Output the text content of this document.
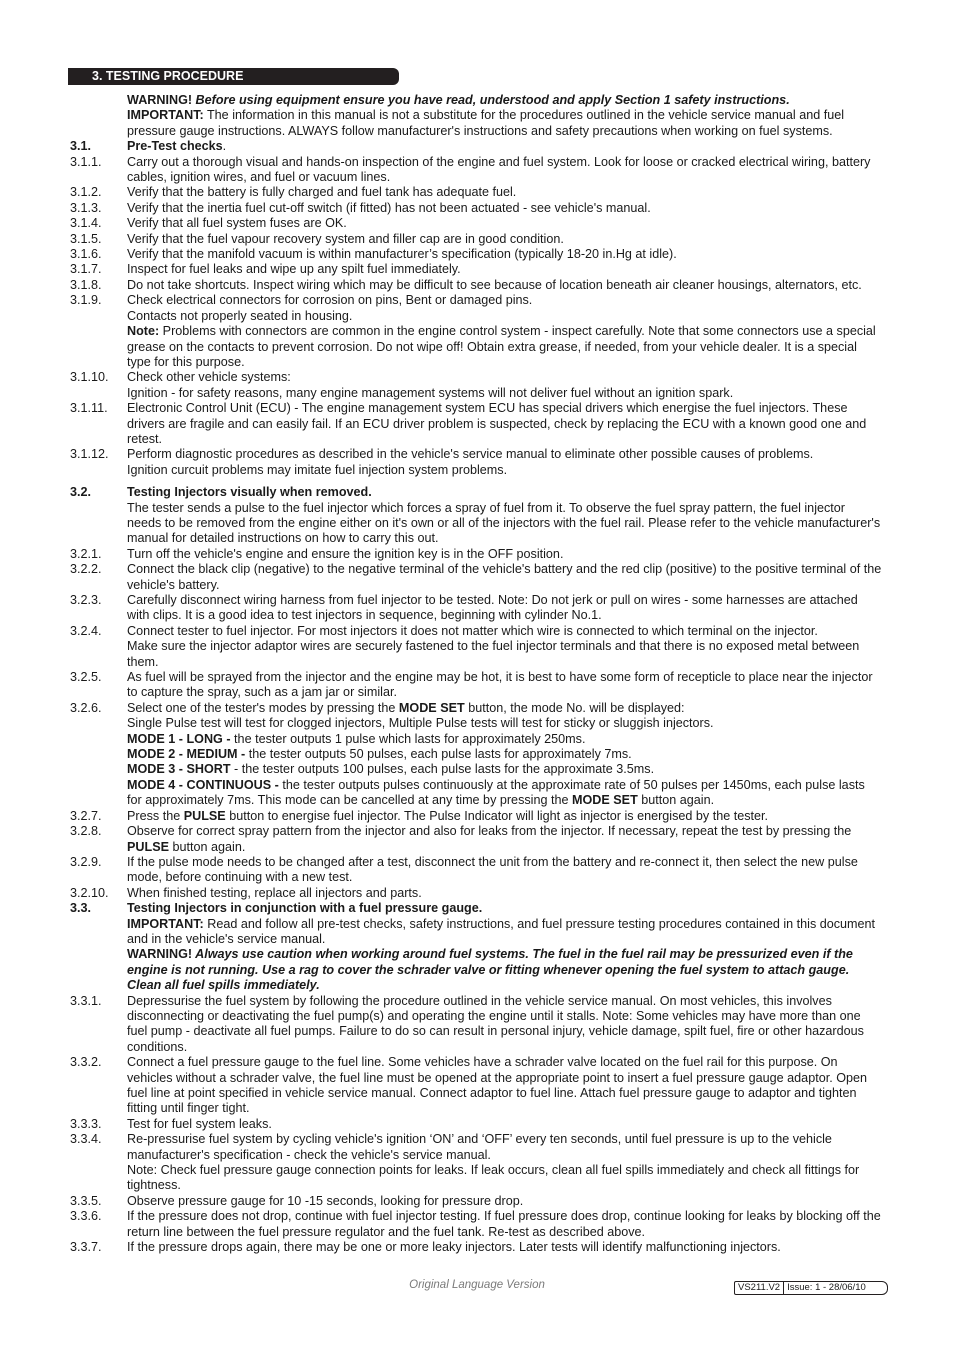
3. TESTING PROCEDURE
WARNING! Before using equipment ensure you have read, understood and apply Section 1 safety instructions.
IMPORTANT: The information in this manual is not a substitute for the procedures outlined in the vehicle service manual and fuel pressure gauge instructions. ALWAYS follow manufacturer's instructions and safety precautions when working on fuel systems.
3.1.	Pre-Test checks.
3.1.1.	Carry out a thorough visual and hands-on inspection of the engine and fuel system. Look for loose or cracked electrical wiring, battery cables, ignition wires, and fuel or vacuum lines.
3.1.2.	Verify that the battery is fully charged and fuel tank has adequate fuel.
3.1.3.	Verify that the inertia fuel cut-off switch (if fitted) has not been actuated - see vehicle's manual.
3.1.4.	Verify that all fuel system fuses are OK.
3.1.5.	Verify that the fuel vapour recovery system and filler cap are in good condition.
3.1.6.	Verify that the manifold vacuum is within manufacturer’s specification (typically 18-20 in.Hg at idle).
3.1.7.	Inspect for fuel leaks and wipe up any spilt fuel immediately.
3.1.8.	Do not take shortcuts. Inspect wiring which may be difficult to see because of location beneath air cleaner housings, alternators, etc.
3.1.9.	Check electrical connectors for corrosion on pins, Bent or damaged pins.
Contacts not properly seated in housing.
Note: Problems with connectors are common in the engine control system - inspect carefully. Note that some connectors use a special grease on the contacts to prevent corrosion. Do not wipe off! Obtain extra grease, if needed, from your vehicle dealer. It is a special type for this purpose.
3.1.10.	Check other vehicle systems:
Ignition - for safety reasons, many engine management systems will not deliver fuel without an ignition spark.
3.1.11.	Electronic Control Unit (ECU) - The engine management system ECU has special drivers which energise the fuel injectors. These drivers are fragile and can easily fail. If an ECU driver problem is suspected, check by replacing the ECU with a known good one and retest.
3.1.12.	Perform diagnostic procedures as described in the vehicle's service manual to eliminate other possible causes of problems.
Ignition curcuit problems may imitate fuel injection system problems.
3.2.	Testing Injectors visually when removed.
The tester sends a pulse to the fuel injector which forces a spray of fuel from it. To observe the fuel spray pattern, the fuel injector needs to be removed from the engine either on it's own or all of the injectors with the fuel rail. Please refer to the vehicle manufacturer's manual for detailed instructions on how to carry this out.
3.2.1.	Turn off the vehicle's engine and ensure the ignition key is in the OFF position.
3.2.2.	Connect the black clip (negative) to the negative terminal of the vehicle's battery and the red clip (positive) to the positive terminal of the vehicle's battery.
3.2.3.	Carefully disconnect wiring harness from fuel injector to be tested. Note: Do not jerk or pull on wires - some harnesses are attached with clips. It is a good idea to test injectors in sequence, beginning with cylinder No.1.
3.2.4.	Connect tester to fuel injector. For most injectors it does not matter which wire is connected to which terminal on the injector.
Make sure the injector adaptor wires are securely fastened to the fuel injector terminals and that there is no exposed metal between them.
3.2.5.	As fuel will be sprayed from the injector and the engine may be hot, it is best to have some form of recepticle to place near the injector to capture the spray, such as a jam jar or similar.
3.2.6.	Select one of the tester's modes by pressing the MODE SET button, the mode No. will be displayed:
Single Pulse test will test for clogged injectors, Multiple Pulse tests will test for sticky or sluggish injectors.
MODE 1 - LONG - the tester outputs 1 pulse which lasts for approximately 250ms.
MODE 2 - MEDIUM - the tester outputs 50 pulses, each pulse lasts for approximately 7ms.
MODE 3 - SHORT - the tester outputs 100 pulses, each pulse lasts for the approximate 3.5ms.
MODE 4 - CONTINUOUS - the tester outputs pulses continuously at the approximate rate of 50 pulses per 1450ms, each pulse lasts for approximately 7ms. This mode can be cancelled at any time by pressing the MODE SET button again.
3.2.7.	Press the PULSE button to energise fuel injector. The Pulse Indicator will light as injector is energised by the tester.
3.2.8.	Observe for correct spray pattern from the injector and also for leaks from the injector. If necessary, repeat the test by pressing the PULSE button again.
3.2.9.	If the pulse mode needs to be changed after a test, disconnect the unit from the battery and re-connect it, then select the new pulse mode, before continuing with a new test.
3.2.10.	When finished testing, replace all injectors and parts.
3.3.	Testing Injectors in conjunction with a fuel pressure gauge.
IMPORTANT: Read and follow all pre-test checks, safety instructions, and fuel pressure testing procedures contained in this document and in the vehicle's service manual.
WARNING! Always use caution when working around fuel systems. The fuel in the fuel rail may be pressurized even if the engine is not running. Use a rag to cover the schrader valve or fitting whenever opening the fuel system to attach gauge. Clean all fuel spills immediately.
3.3.1.	Depressurise the fuel system by following the procedure outlined in the vehicle service manual. On most vehicles, this involves disconnecting or deactivating the fuel pump(s) and operating the engine until it stalls. Note: Some vehicles may have more than one fuel pump - deactivate all fuel pumps. Failure to do so can result in personal injury, vehicle damage, spilt fuel, fire or other hazardous conditions.
3.3.2.	Connect a fuel pressure gauge to the fuel line. Some vehicles have a schrader valve located on the fuel rail for this purpose. On vehicles without a schrader valve, the fuel line must be opened at the appropriate point to insert a fuel pressure gauge adaptor. Open fuel line at point specified in vehicle service manual. Connect adaptor to fuel line. Attach fuel pressure gauge to adaptor and tighten fitting until finger tight.
3.3.3.	Test for fuel system leaks.
3.3.4.	Re-pressurise fuel system by cycling vehicle's ignition ‘ON’ and ‘OFF’ every ten seconds, until fuel pressure is up to the vehicle manufacturer's specification - check the vehicle's service manual.
Note: Check fuel pressure gauge connection points for leaks. If leak occurs, clean all fuel spills immediately and check all fittings for tightness.
3.3.5.	Observe pressure gauge for 10 -15 seconds, looking for pressure drop.
3.3.6.	If the pressure does not drop, continue with fuel injector testing. If fuel pressure does drop, continue looking for leaks by blocking off the return line between the fuel pressure regulator and the fuel tank. Re-test as described above.
3.3.7.	If the pressure drops again, there may be one or more leaky injectors. Later tests will identify malfunctioning injectors.
Original Language Version	VS211.V2 Issue: 1 - 28/06/10
